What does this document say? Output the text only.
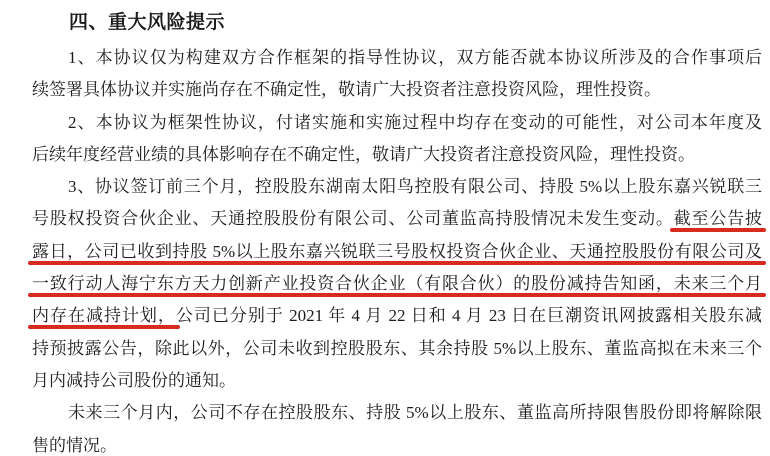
四、重大风险提示
1、本协议仅为构建双方合作框架的指导性协议，双方能否就本协议所涉及的合作事项后
续签署具体协议并实施尚存在不确定性，敬请广大投资者注意投资风险，理性投资。
2、本协议为框架性协议，付诸实施和实施过程中均存在变动的可能性，对公司本年度及
后续年度经营业绩的具体影响存在不确定性，敬请广大投资者注意投资风险，理性投资。
3、协议签订前三个月，控股股东湖南太阳鸟控股有限公司、持股 5%以上股东嘉兴锐联三
号股权投资合伙企业、天通控股股份有限公司、公司董监高持股情况未发生变动。截至公告披
露日，公司已收到持股 5%以上股东嘉兴锐联三号股权投资合伙企业、天通控股股份有限公司及
一致行动人海宁东方天力创新产业投资合伙企业（有限合伙）的股份减持告知函，未来三个月
内存在减持计划，公司已分别于 2021 年 4 月 22 日和 4 月 23 日在巨潮资讯网披露相关股东减
持预披露公告，除此以外，公司未收到控股股东、其余持股 5%以上股东、董监高拟在未来三个
月内减持公司股份的通知。
未来三个月内，公司不存在控股股东、持股 5%以上股东、董监高所持限售股份即将解除限
售的情况。
